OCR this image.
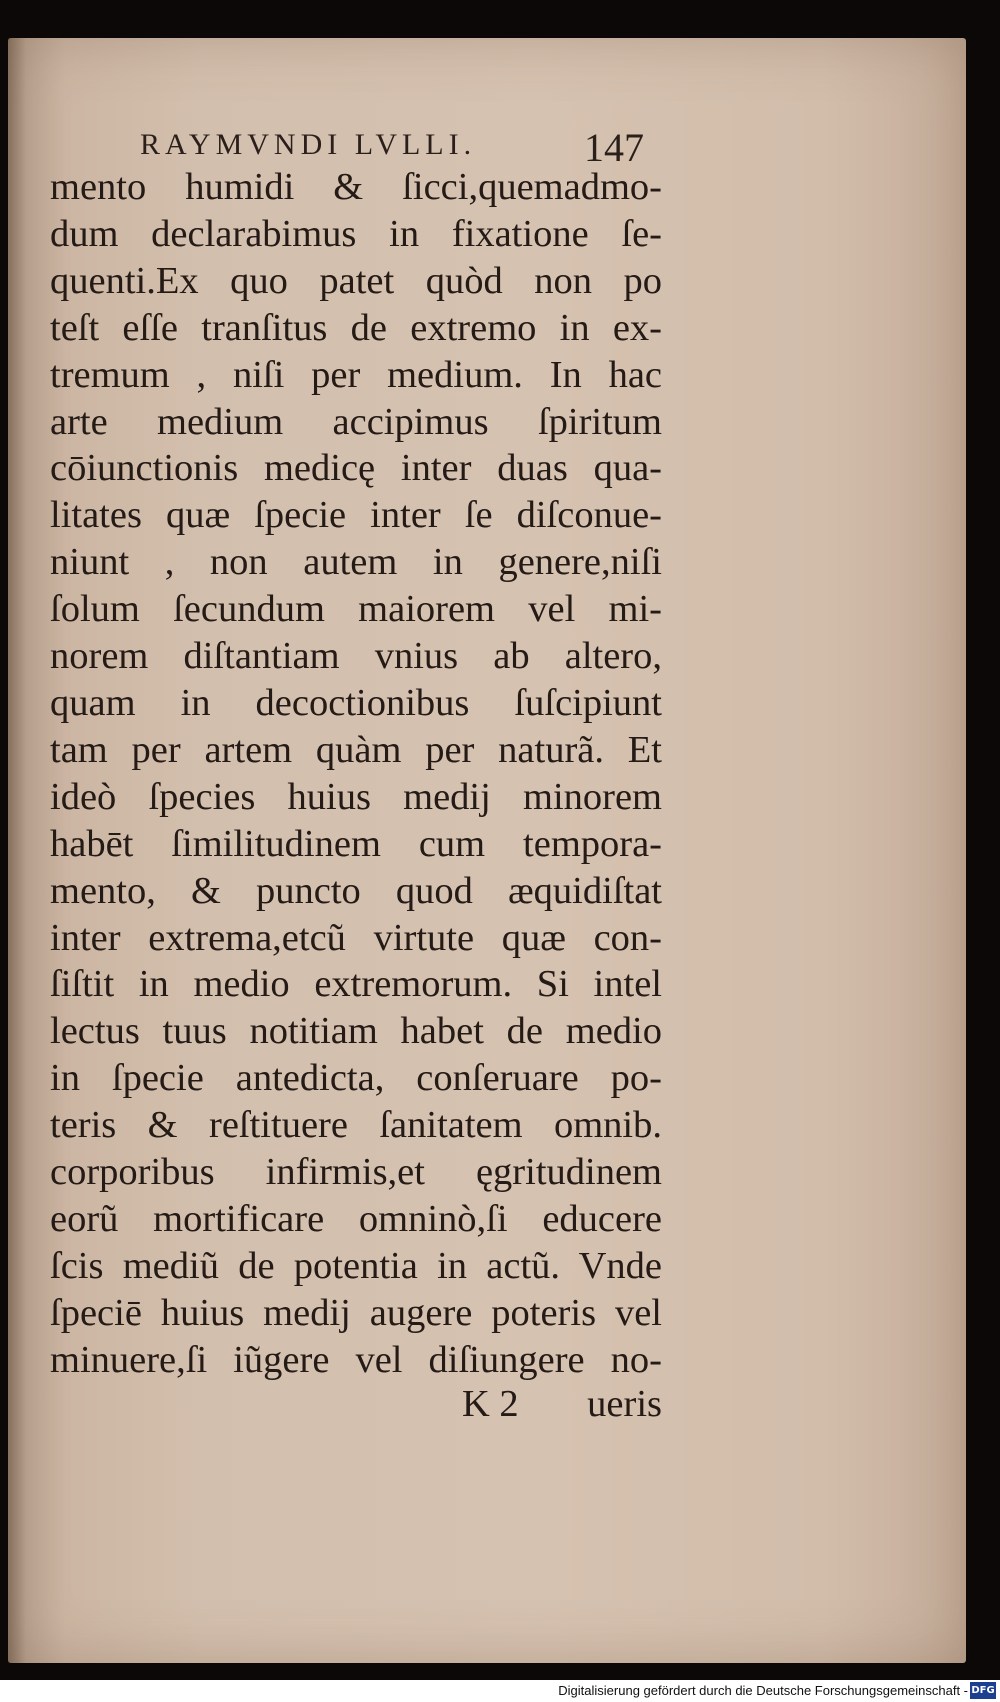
RAYMVNDI LVLLI.	147
mento humidi & ſicci,quemadmo-
dum declarabimus in fixatione ſe-
quenti.Ex quo patet quòd non po
teſt eſſe tranſitus de extremo in ex-
tremum , niſi per medium. In hac
arte medium accipimus ſpiritum
cōiunctionis medicę inter duas qua-
litates quæ ſpecie inter ſe diſconue-
niunt , non autem in genere,niſi
ſolum ſecundum maiorem vel mi-
norem diſtantiam vnius ab altero,
quam in decoctionibus ſuſcipiunt
tam per artem quàm per naturã. Et
ideò ſpecies huius medij minorem
habēt ſimilitudinem cum tempora-
mento, & puncto quod æquidiſtat
inter extrema,etcũ virtute quæ con-
ſiſtit in medio extremorum. Si intel
lectus tuus notitiam habet de medio
in ſpecie antedicta, conſeruare po-
teris & reſtituere ſanitatem omnib.
corporibus infirmis,et ęgritudinem
eorũ mortificare omninò,ſi educere
ſcis mediũ de potentia in actũ. Vnde
ſpeciē huius medij augere poteris vel
minuere,ſi iũgere vel diſiungere no-
K 2 ueris
Digitalisierung gefördert durch die Deutsche Forschungsgemeinschaft - DFG
